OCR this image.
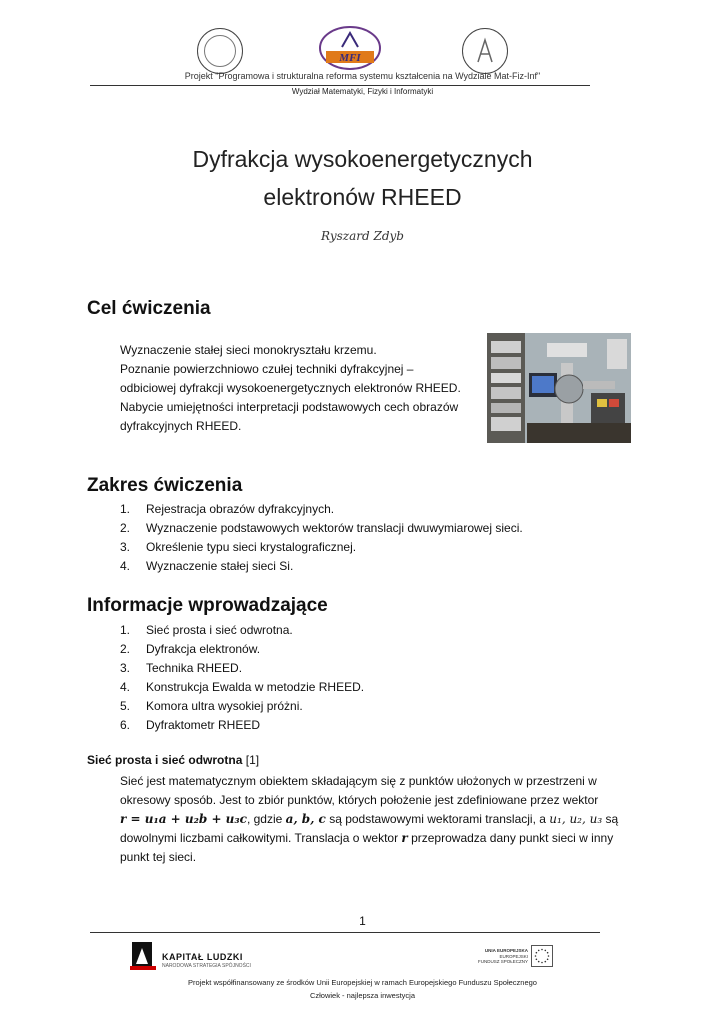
MFI
Projekt "Programowa i strukturalna reforma systemu kształcenia na Wydziale Mat-Fiz-Inf"
Wydział Matematyki, Fizyki i Informatyki
Dyfrakcja wysokoenergetycznych
elektronów RHEED
Ryszard Zdyb
Cel ćwiczenia
Wyznaczenie stałej sieci monokryształu krzemu.
Poznanie powierzchniowo czułej techniki dyfrakcyjnej –
odbiciowej dyfrakcji wysokoenergetycznych elektronów RHEED.
Nabycie umiejętności interpretacji podstawowych cech obrazów
dyfrakcyjnych RHEED.
Zakres ćwiczenia
1. Rejestracja obrazów dyfrakcyjnych.
2. Wyznaczenie podstawowych wektorów translacji dwuwymiarowej sieci.
3. Określenie typu sieci krystalograficznej.
4. Wyznaczenie stałej sieci Si.
Informacje wprowadzające
1. Sieć prosta i sieć odwrotna.
2. Dyfrakcja elektronów.
3. Technika RHEED.
4. Konstrukcja Ewalda w metodzie RHEED.
5. Komora ultra wysokiej próżni.
6. Dyfraktometr RHEED
Sieć prosta i sieć odwrotna [1]
Sieć jest matematycznym obiektem składającym się z punktów ułożonych w przestrzeni w
okresowy sposób. Jest to zbiór punktów, których położenie jest zdefiniowane przez wektor
r = u₁a + u₂b + u₃c, gdzie a, b, c są podstawowymi wektorami translacji, a u₁, u₂, u₃ są
dowolnymi liczbami całkowitymi. Translacja o wektor r przeprowadza dany punkt sieci w inny
punkt tej sieci.
1
KAPITAŁ LUDZKI
NARODOWA STRATEGIA SPÓJNOŚCI
UNIA EUROPEJSKA
EUROPEJSKI
FUNDUSZ SPOŁECZNY
Projekt współfinansowany ze środków Unii Europejskiej w ramach Europejskiego Funduszu Społecznego
Człowiek - najlepsza inwestycja
